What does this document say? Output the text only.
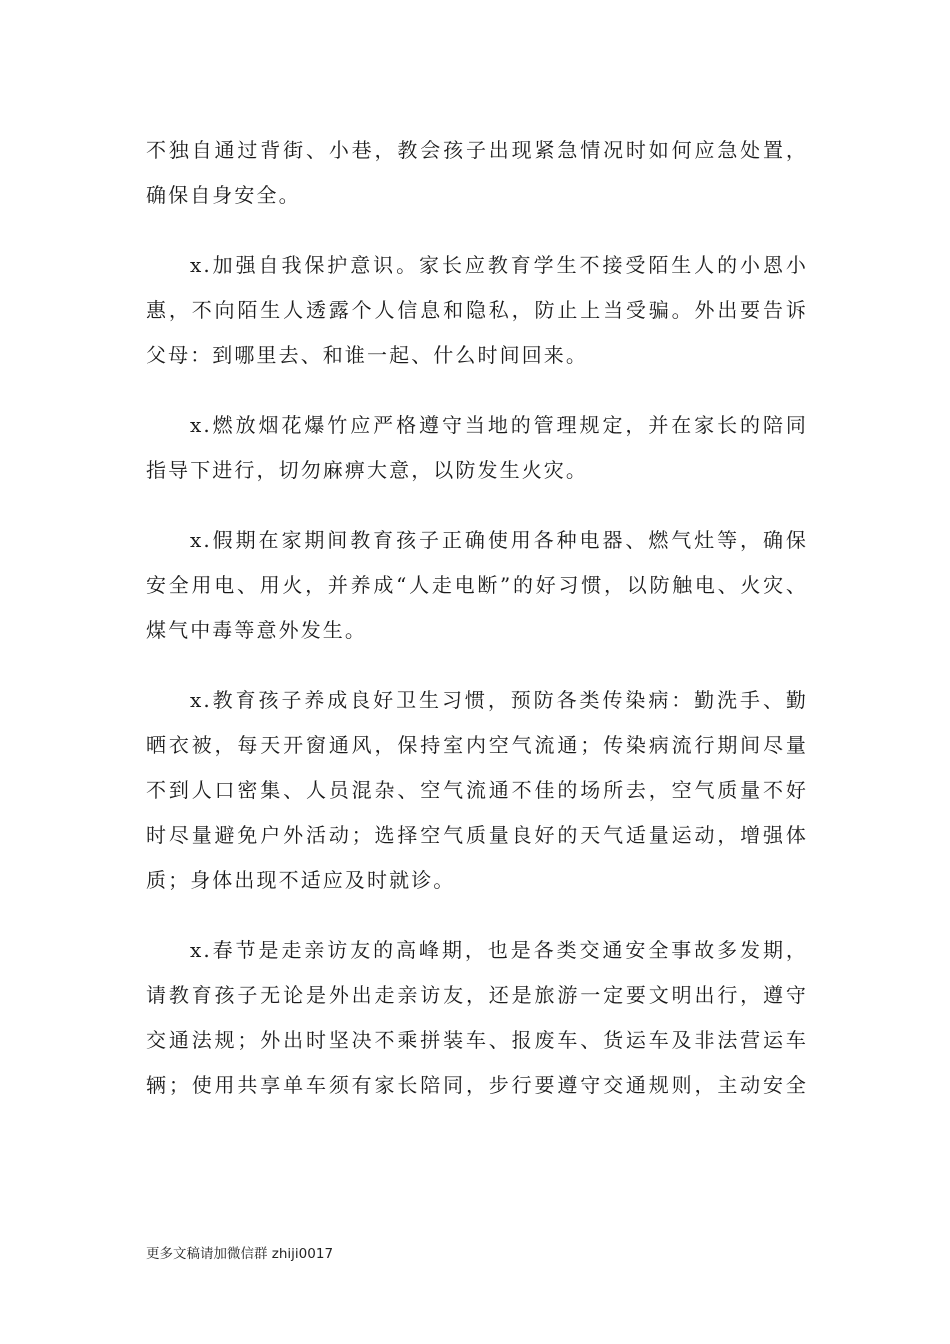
不独自通过背街、小巷，教会孩子出现紧急情况时如何应急处置，
确保自身安全。
x.加强自我保护意识。家长应教育学生不接受陌生人的小恩小
惠，不向陌生人透露个人信息和隐私，防止上当受骗。外出要告诉
父母：到哪里去、和谁一起、什么时间回来。
x.燃放烟花爆竹应严格遵守当地的管理规定，并在家长的陪同
指导下进行，切勿麻痹大意，以防发生火灾。
x.假期在家期间教育孩子正确使用各种电器、燃气灶等，确保
安全用电、用火，并养成“人走电断”的好习惯，以防触电、火灾、
煤气中毒等意外发生。
x.教育孩子养成良好卫生习惯，预防各类传染病：勤洗手、勤
晒衣被，每天开窗通风，保持室内空气流通；传染病流行期间尽量
不到人口密集、人员混杂、空气流通不佳的场所去，空气质量不好
时尽量避免户外活动；选择空气质量良好的天气适量运动，增强体
质；身体出现不适应及时就诊。
x.春节是走亲访友的高峰期，也是各类交通安全事故多发期，
请教育孩子无论是外出走亲访友，还是旅游一定要文明出行，遵守
交通法规；外出时坚决不乘拼装车、报废车、货运车及非法营运车
辆；使用共享单车须有家长陪同，步行要遵守交通规则，主动安全
更多文稿请加微信群 zhiji0017
